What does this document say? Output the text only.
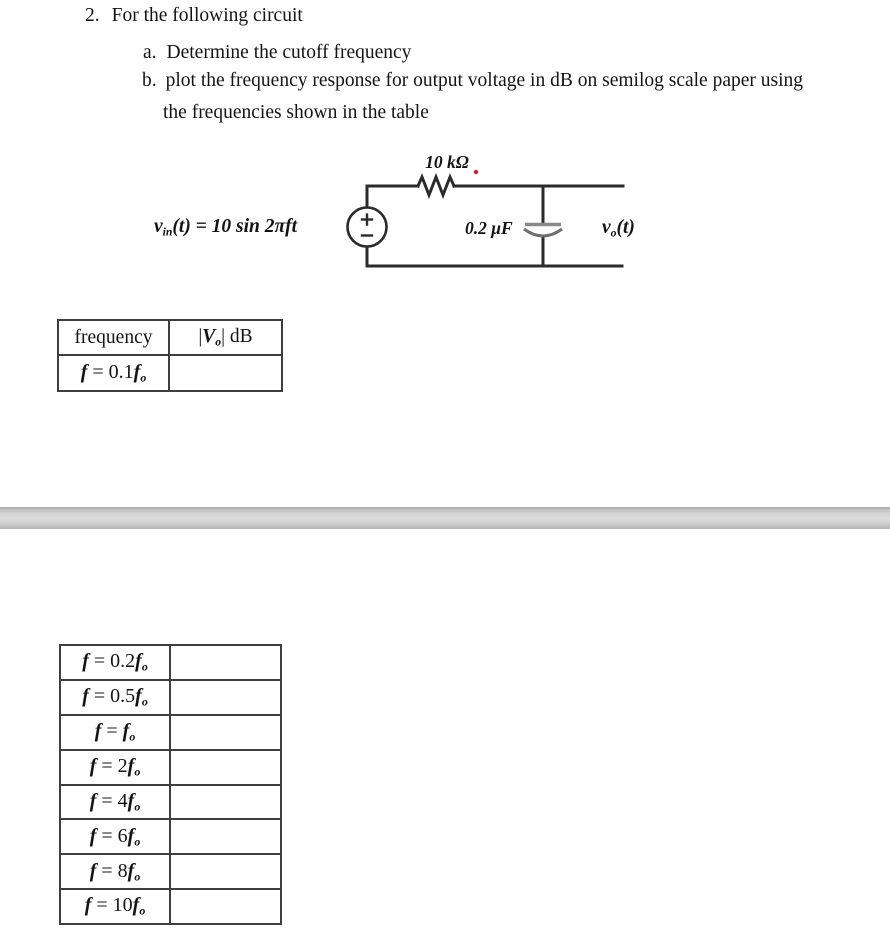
2. For the following circuit
a. Determine the cutoff frequency
b. plot the frequency response for output voltage in dB on semilog scale paper using
the frequencies shown in the table
vin(t) = 10 sin 2πft
10 kΩ
0.2 μF	vo(t)
frequency	|Vo| dB
f = 0.1fo	
f = 0.2fo	
f = 0.5fo	
f = fo	
f = 2fo	
f = 4fo	
f = 6fo	
f = 8fo	
f = 10fo	
